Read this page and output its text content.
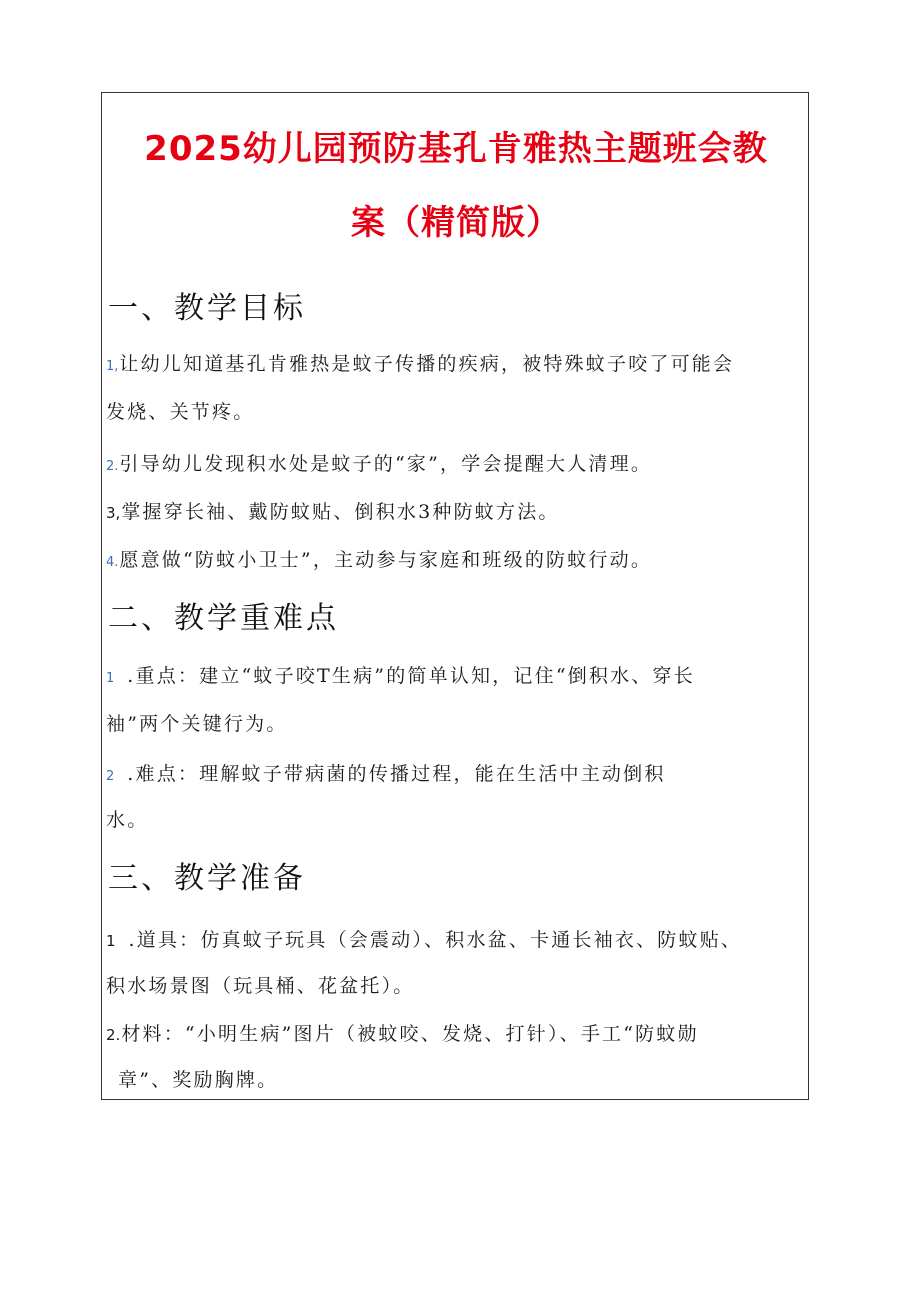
2025幼儿园预防基孔肯雅热主题班会教
案（精简版）
一、教学目标
1,让幼儿知道基孔肯雅热是蚊子传播的疾病，被特殊蚊子咬了可能会
发烧、关节疼。
2.引导幼儿发现积水处是蚊子的“家”，学会提醒大人清理。
3,掌握穿长袖、戴防蚊贴、倒积水3种防蚊方法。
4.愿意做“防蚊小卫士”，主动参与家庭和班级的防蚊行动。
二、教学重难点
1 .重点：建立“蚊子咬T生病”的简单认知，记住“倒积水、穿长
袖”两个关键行为。
2 .难点：理解蚊子带病菌的传播过程，能在生活中主动倒积
水。
三、教学准备
1 .道具：仿真蚊子玩具（会震动）、积水盆、卡通长袖衣、防蚊贴、
积水场景图（玩具桶、花盆托）。
2.材料：“小明生病”图片（被蚊咬、发烧、打针）、手工“防蚊勋
章”、奖励胸牌。
